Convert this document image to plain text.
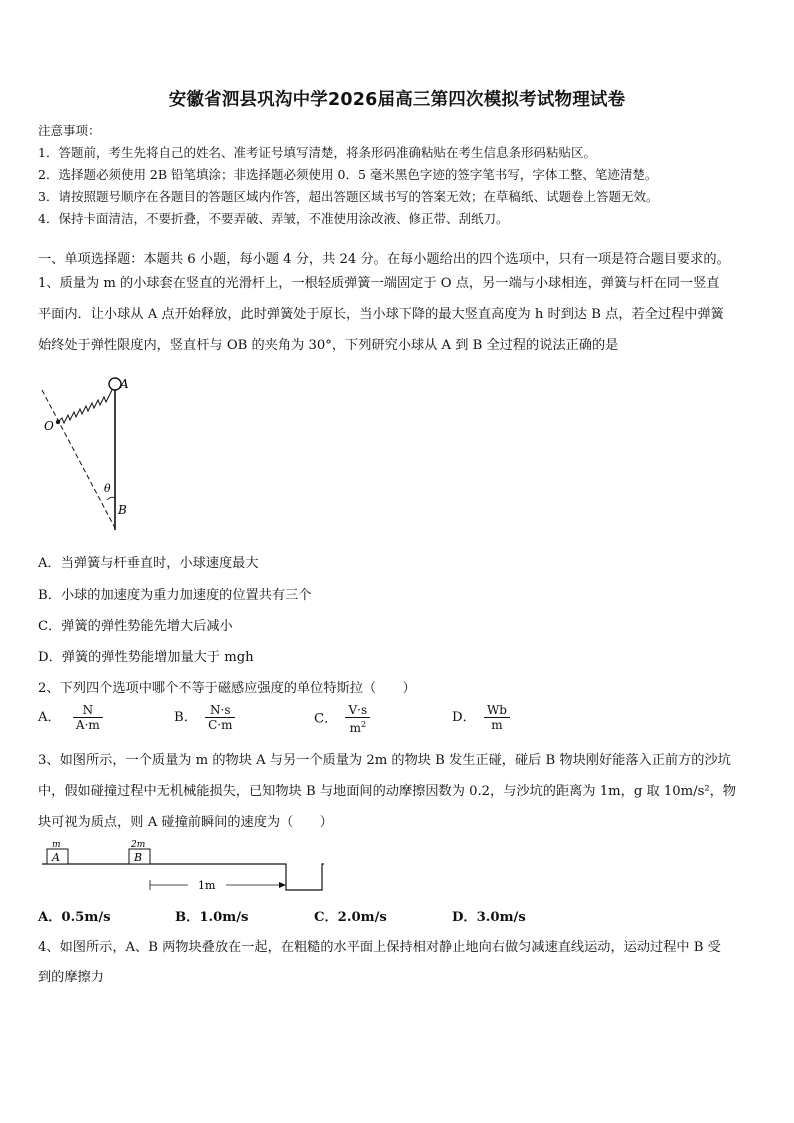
安徽省泗县巩沟中学2026届高三第四次模拟考试物理试卷
注意事项：
1．答题前，考生先将自己的姓名、准考证号填写清楚，将条形码准确粘贴在考生信息条形码粘贴区。
2．选择题必须使用 2B 铅笔填涂；非选择题必须使用 0．5 毫米黑色字迹的签字笔书写，字体工整、笔迹清楚。
3．请按照题号顺序在各题目的答题区域内作答，超出答题区域书写的答案无效；在草稿纸、试题卷上答题无效。
4．保持卡面清洁，不要折叠，不要弄破、弄皱，不准使用涂改液、修正带、刮纸刀。
一、单项选择题：本题共 6 小题，每小题 4 分，共 24 分。在每小题给出的四个选项中，只有一项是符合题目要求的。
1、质量为 m 的小球套在竖直的光滑杆上，一根轻质弹簧一端固定于 O 点，另一端与小球相连，弹簧与杆在同一竖直
平面内．让小球从 A 点开始释放，此时弹簧处于原长，当小球下降的最大竖直高度为 h 时到达 B 点，若全过程中弹簧
始终处于弹性限度内，竖直杆与 OB 的夹角为 30°，下列研究小球从 A 到 B 全过程的说法正确的是
A
O
θ
B
A．当弹簧与杆垂直时，小球速度最大
B．小球的加速度为重力加速度的位置共有三个
C．弹簧的弹性势能先增大后减小
D．弹簧的弹性势能增加量大于 mgh
2、下列四个选项中哪个不等于磁感应强度的单位特斯拉（　　）
A． $\frac{N}{A\cdot m}$	B． $\frac{N\cdot s}{C\cdot m}$	C． $\frac{V\cdot s}{m^2}$	D． $\frac{Wb}{m}$
3、如图所示，一个质量为 m 的物块 A 与另一个质量为 2m 的物块 B 发生正碰，碰后 B 物块刚好能落入正前方的沙坑
中，假如碰撞过程中无机械能损失，已知物块 B 与地面间的动摩擦因数为 0.2，与沙坑的距离为 1m，g 取 10m/s²，物
块可视为质点，则 A 碰撞前瞬间的速度为（　　）
m
A
2m
B
1m
A．0.5m/s	B．1.0m/s	C．2.0m/s	D．3.0m/s
4、如图所示，A、B 两物块叠放在一起，在粗糙的水平面上保持相对静止地向右做匀减速直线运动，运动过程中 B 受
到的摩擦力
